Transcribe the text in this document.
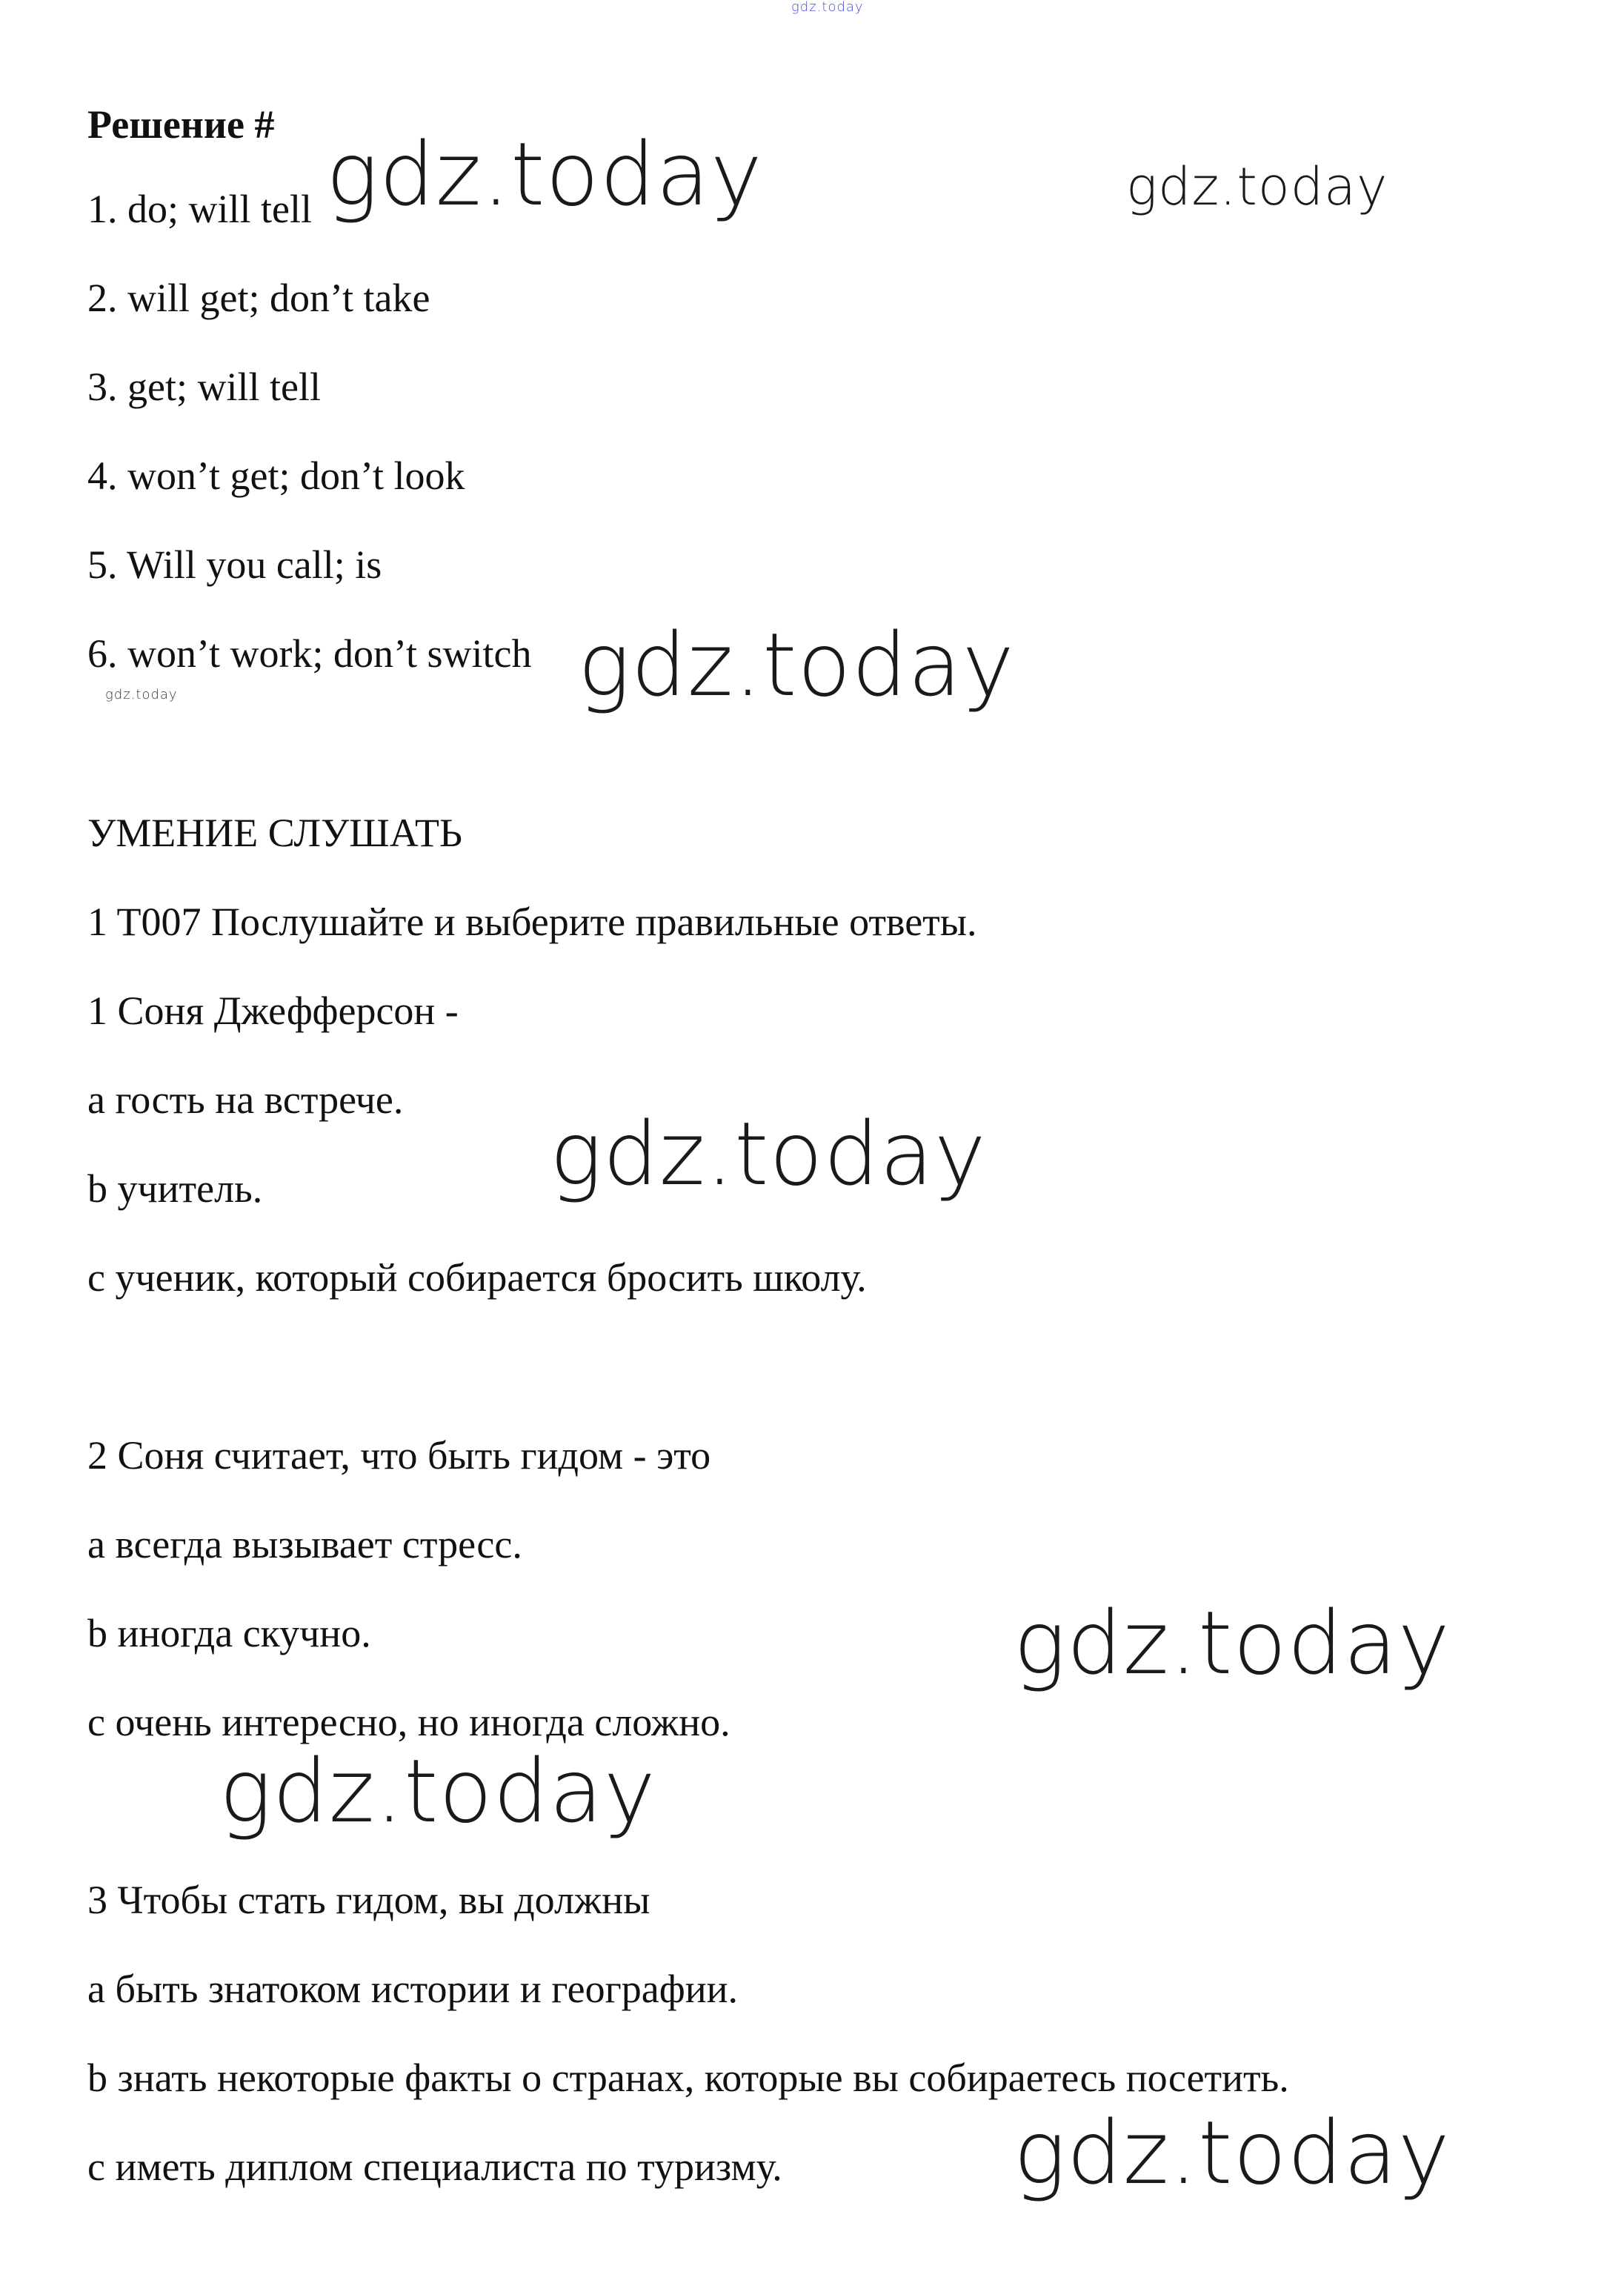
gdz.today
Решение #
1. do; will tell
2. will get; don’t take
3. get; will tell
4. won’t get; don’t look
5. Will you call; is
6. won’t work; don’t switch
УМЕНИЕ СЛУШАТЬ
1 T007 Послушайте и выберите правильные ответы.
1 Соня Джефферсон -
a гость на встрече.
b учитель.
c ученик, который собирается бросить школу.
2 Соня считает, что быть гидом - это
a всегда вызывает стресс.
b иногда скучно.
c очень интересно, но иногда сложно.
3 Чтобы стать гидом, вы должны
a быть знатоком истории и географии.
b знать некоторые факты о странах, которые вы собираетесь посетить.
c иметь диплом специалиста по туризму.
gdz.today	gdz.today
gdz.today
gdz.today
gdz.today
gdz.today
gdz.today
gdz.today
